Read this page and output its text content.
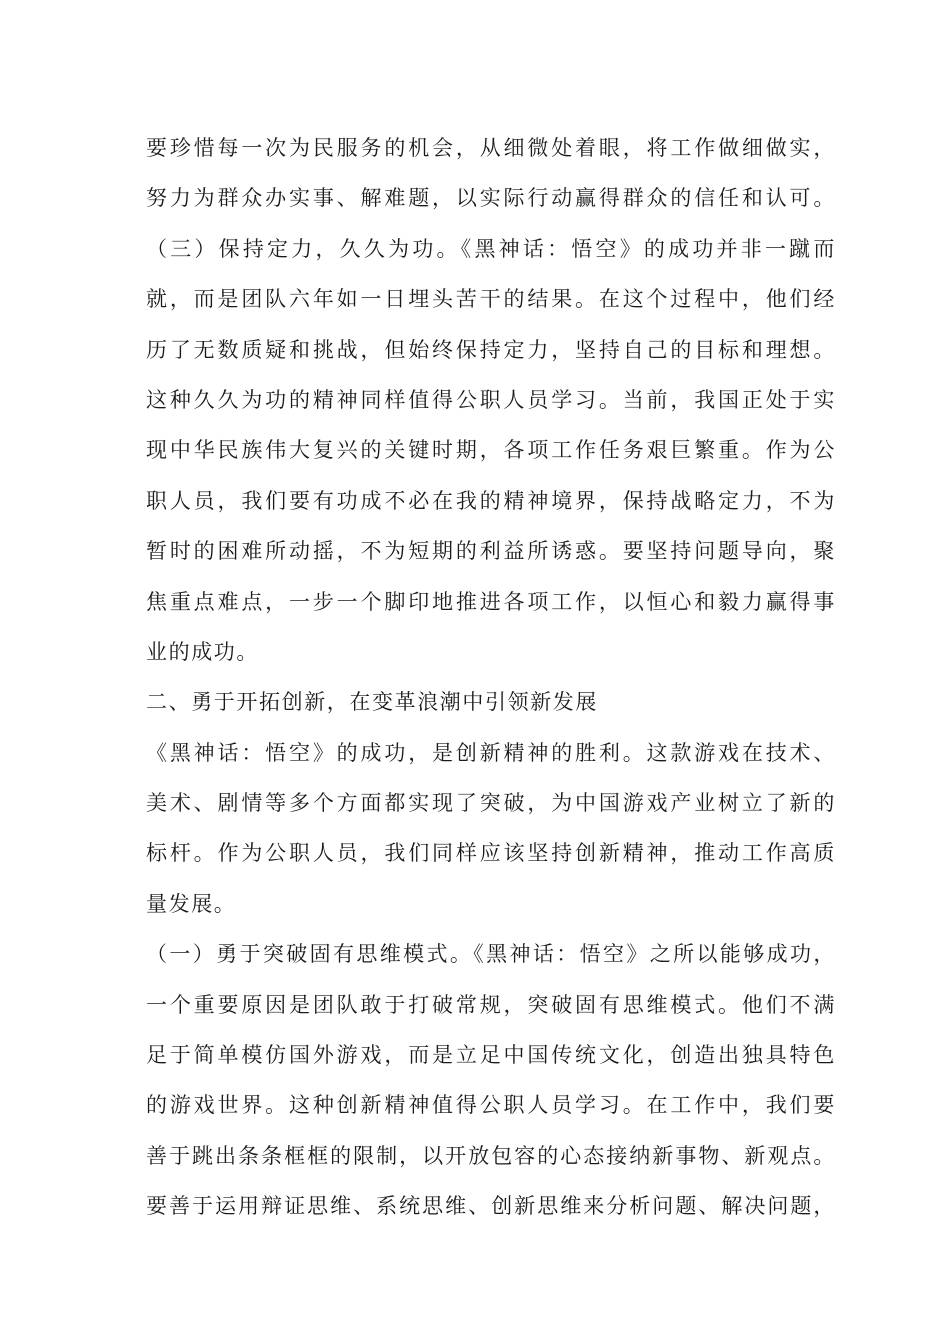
要珍惜每一次为民服务的机会，从细微处着眼，将工作做细做实，
努力为群众办实事、解难题，以实际行动赢得群众的信任和认可。
（三）保持定力，久久为功。《黑神话：悟空》的成功并非一蹴而
就，而是团队六年如一日埋头苦干的结果。在这个过程中，他们经
历了无数质疑和挑战，但始终保持定力，坚持自己的目标和理想。
这种久久为功的精神同样值得公职人员学习。当前，我国正处于实
现中华民族伟大复兴的关键时期，各项工作任务艰巨繁重。作为公
职人员，我们要有功成不必在我的精神境界，保持战略定力，不为
暂时的困难所动摇，不为短期的利益所诱惑。要坚持问题导向，聚
焦重点难点，一步一个脚印地推进各项工作，以恒心和毅力赢得事
业的成功。
二、勇于开拓创新，在变革浪潮中引领新发展
《黑神话：悟空》的成功，是创新精神的胜利。这款游戏在技术、
美术、剧情等多个方面都实现了突破，为中国游戏产业树立了新的
标杆。作为公职人员，我们同样应该坚持创新精神，推动工作高质
量发展。
（一）勇于突破固有思维模式。《黑神话：悟空》之所以能够成功，
一个重要原因是团队敢于打破常规，突破固有思维模式。他们不满
足于简单模仿国外游戏，而是立足中国传统文化，创造出独具特色
的游戏世界。这种创新精神值得公职人员学习。在工作中，我们要
善于跳出条条框框的限制，以开放包容的心态接纳新事物、新观点。
要善于运用辩证思维、系统思维、创新思维来分析问题、解决问题，
